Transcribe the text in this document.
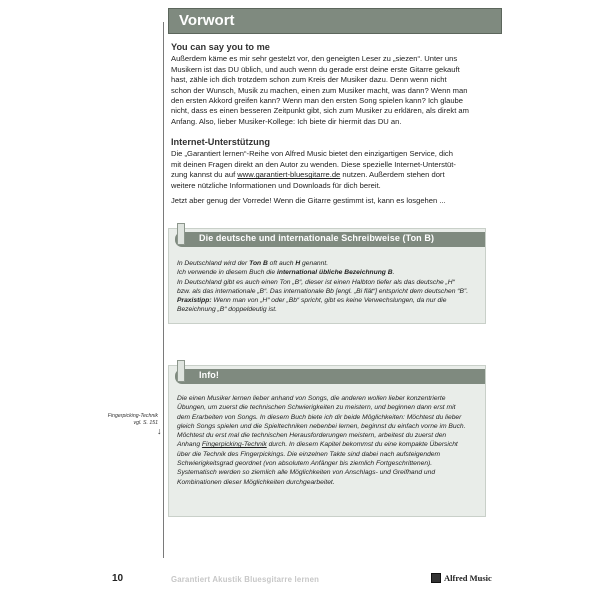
Vorwort
You can say you to me
Außerdem käme es mir sehr gestelzt vor, den geneigten Leser zu „siezen“. Unter uns
Musikern ist das DU üblich, und auch wenn du gerade erst deine erste Gitarre gekauft
hast, zähle ich dich trotzdem schon zum Kreis der Musiker dazu. Denn wenn nicht
schon der Wunsch, Musik zu machen, einen zum Musiker macht, was dann? Wenn man
den ersten Akkord greifen kann? Wenn man den ersten Song spielen kann? Ich glaube
nicht, dass es einen besseren Zeitpunkt gibt, sich zum Musiker zu erklären, als direkt am
Anfang. Also, lieber Musiker-Kollege: Ich biete dir hiermit das DU an.
Internet-Unterstützung
Die „Garantiert lernen“-Reihe von Alfred Music bietet den einzigartigen Service, dich
mit deinen Fragen direkt an den Autor zu wenden. Diese spezielle Internet-Unterstüt-
zung kannst du auf www.garantiert-bluesgitarre.de nutzen. Außerdem stehen dort
weitere nützliche Informationen und Downloads für dich bereit.
Jetzt aber genug der Vorrede! Wenn die Gitarre gestimmt ist, kann es losgehen ...
Die deutsche und internationale Schreibweise (Ton B)
In Deutschland wird der Ton B oft auch H genannt.
Ich verwende in diesem Buch die international übliche Bezeichnung B.
In Deutschland gibt es auch einen Ton „B“, dieser ist einen Halbton tiefer als das deutsche „H“
bzw. als das internationale „B“. Das internationale Bb [engl. „Bi flät“] entspricht dem deutschen “B”.
Praxistipp: Wenn man von „H“ oder „Bb“ spricht, gibt es keine Verwechslungen, da nur die
Bezeichnung „B“ doppeldeutig ist.
Info!
Die einen Musiker lernen lieber anhand von Songs, die anderen wollen lieber konzentrierte
Übungen, um zuerst die technischen Schwierigkeiten zu meistern, und beginnen dann erst mit
dem Erarbeiten von Songs. In diesem Buch biete ich dir beide Möglichkeiten: Möchtest du lieber
gleich Songs spielen und die Spieltechniken nebenbei lernen, beginnst du einfach vorne im Buch.
Möchtest du erst mal die technischen Herausforderungen meistern, arbeitest du zuerst den
Anhang Fingerpicking-Technik durch. In diesem Kapitel bekommst du eine kompakte Übersicht
über die Technik des Fingerpickings. Die einzelnen Takte sind dabei nach aufsteigendem
Schwierigkeitsgrad geordnet (von absolutem Anfänger bis ziemlich Fortgeschrittenen).
Systematisch werden so ziemlich alle Möglichkeiten von Anschlags- und Greifhand und
Kombinationen dieser Möglichkeiten durchgearbeitet.
Fingerpicking-Technik
vgl. S. 151
↓
10	Garantiert Akustik Bluesgitarre lernen	Alfred Music
